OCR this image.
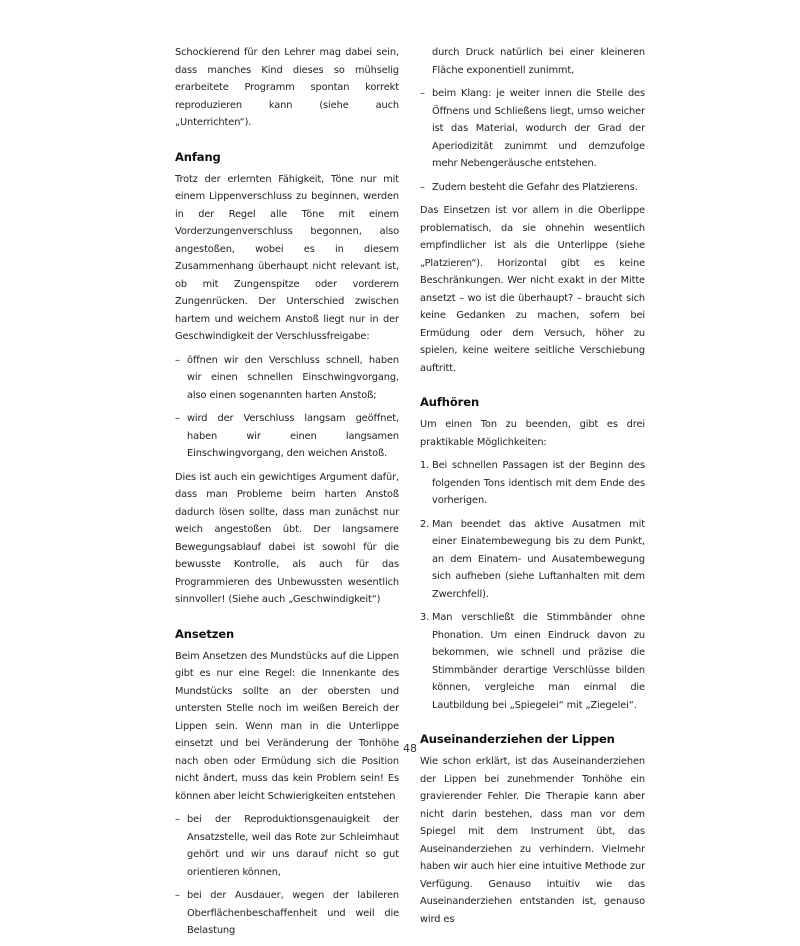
Schockierend für den Lehrer mag dabei sein, dass manches Kind dieses so mühselig erarbeitete Programm spontan korrekt reproduzieren kann (siehe auch „Unterrichten“).

Anfang

Trotz der erlernten Fähigkeit, Töne nur mit einem Lippenverschluss zu beginnen, werden in der Regel alle Töne mit einem Vorderzungenverschluss begonnen, also angestoßen, wobei es in diesem Zusammenhang überhaupt nicht relevant ist, ob mit Zungenspitze oder vorderem Zungenrücken. Der Unterschied zwischen hartem und weichem Anstoß liegt nur in der Geschwindigkeit der Verschlussfreigabe:

– öffnen wir den Verschluss schnell, haben wir einen schnellen Einschwingvorgang, also einen sogenannten harten Anstoß;
– wird der Verschluss langsam geöffnet, haben wir einen langsamen Einschwingvorgang, den weichen Anstoß.

Dies ist auch ein gewichtiges Argument dafür, dass man Probleme beim harten Anstoß dadurch lösen sollte, dass man zunächst nur weich angestoßen übt. Der langsamere Bewegungsablauf dabei ist sowohl für die bewusste Kontrolle, als auch für das Programmieren des Unbewussten wesentlich sinnvoller! (Siehe auch „Geschwindigkeit“)

Ansetzen

Beim Ansetzen des Mundstücks auf die Lippen gibt es nur eine Regel: die Innenkante des Mundstücks sollte an der obersten und untersten Stelle noch im weißen Bereich der Lippen sein. Wenn man in die Unterlippe einsetzt und bei Veränderung der Tonhöhe nach oben oder Ermüdung sich die Position nicht ändert, muss das kein Problem sein! Es können aber leicht Schwierigkeiten entstehen

– bei der Reproduktionsgenauigkeit der Ansatzstelle, weil das Rote zur Schleimhaut gehört und wir uns darauf nicht so gut orientieren können,
– bei der Ausdauer, wegen der labileren Oberflächenbeschaffenheit und weil die Belastung

durch Druck natürlich bei einer kleineren Fläche exponentiell zunimmt,

– beim Klang: je weiter innen die Stelle des Öffnens und Schließens liegt, umso weicher ist das Material, wodurch der Grad der Aperiodizität zunimmt und demzufolge mehr Nebengeräusche entstehen.
– Zudem besteht die Gefahr des Platzierens.

Das Einsetzen ist vor allem in die Oberlippe problematisch, da sie ohnehin wesentlich empfindlicher ist als die Unterlippe (siehe „Platzieren“). Horizontal gibt es keine Beschränkungen. Wer nicht exakt in der Mitte ansetzt – wo ist die überhaupt? – braucht sich keine Gedanken zu machen, sofern bei Ermüdung oder dem Versuch, höher zu spielen, keine weitere seitliche Verschiebung auftritt.

Aufhören

Um einen Ton zu beenden, gibt es drei praktikable Möglichkeiten:

1. Bei schnellen Passagen ist der Beginn des folgenden Tons identisch mit dem Ende des vorherigen.
2. Man beendet das aktive Ausatmen mit einer Einatembewegung bis zu dem Punkt, an dem Einatem- und Ausatembewegung sich aufheben (siehe Luftanhalten mit dem Zwerchfell).
3. Man verschließt die Stimmbänder ohne Phonation. Um einen Eindruck davon zu bekommen, wie schnell und präzise die Stimmbänder derartige Verschlüsse bilden können, vergleiche man einmal die Lautbildung bei „Spiegelei“ mit „Ziegelei“.
Auseinanderziehen der Lippen

Wie schon erklärt, ist das Auseinanderziehen der Lippen bei zunehmender Tonhöhe ein gravierender Fehler. Die Therapie kann aber nicht darin bestehen, dass man vor dem Spiegel mit dem Instrument übt, das Auseinanderziehen zu verhindern. Vielmehr haben wir auch hier eine intuitive Methode zur Verfügung. Genauso intuitiv wie das Auseinanderziehen entstanden ist, genauso wird es

48
